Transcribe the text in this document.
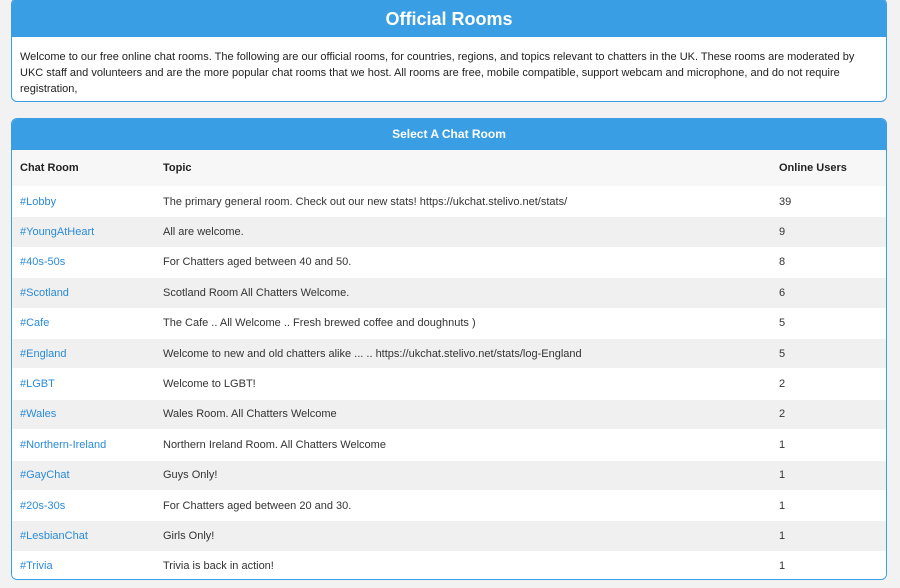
Official Rooms
Welcome to our free online chat rooms. The following are our official rooms, for countries, regions, and topics relevant to chatters in the UK. These rooms are moderated by UKC staff and volunteers and are the more popular chat rooms that we host. All rooms are free, mobile compatible, support webcam and microphone, and do not require registration,
Select A Chat Room
Chat Room	Topic	Online Users
#Lobby	The primary general room. Check out our new stats! https://ukchat.stelivo.net/stats/	39
#YoungAtHeart	All are welcome.	9
#40s-50s	For Chatters aged between 40 and 50.	8
#Scotland	Scotland Room All Chatters Welcome.	6
#Cafe	The Cafe .. All Welcome .. Fresh brewed coffee and doughnuts )	5
#England	Welcome to new and old chatters alike ... .. https://ukchat.stelivo.net/stats/log-England	5
#LGBT	Welcome to LGBT!	2
#Wales	Wales Room. All Chatters Welcome	2
#Northern-Ireland	Northern Ireland Room. All Chatters Welcome	1
#GayChat	Guys Only!	1
#20s-30s	For Chatters aged between 20 and 30.	1
#LesbianChat	Girls Only!	1
#Trivia	Trivia is back in action!	1
